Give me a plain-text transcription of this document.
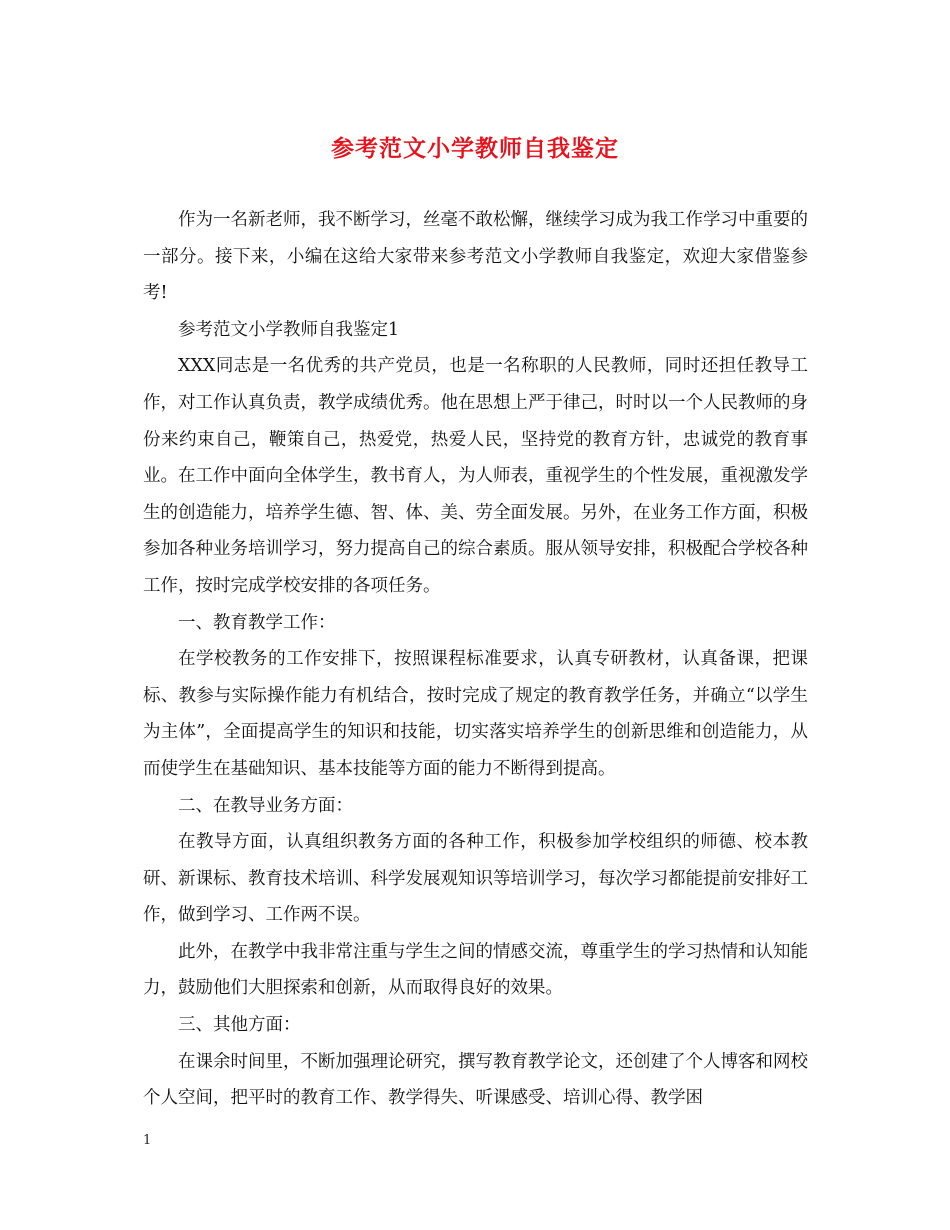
参考范文小学教师自我鉴定

作为一名新老师，我不断学习，丝毫不敢松懈，继续学习成为我工作学习中重要的一部分。接下来，小编在这给大家带来参考范文小学教师自我鉴定，欢迎大家借鉴参考!

参考范文小学教师自我鉴定1

XXX同志是一名优秀的共产党员，也是一名称职的人民教师，同时还担任教导工作，对工作认真负责，教学成绩优秀。他在思想上严于律己，时时以一个人民教师的身份来约束自己，鞭策自己，热爱党，热爱人民，坚持党的教育方针，忠诚党的教育事业。在工作中面向全体学生，教书育人，为人师表，重视学生的个性发展，重视激发学生的创造能力，培养学生德、智、体、美、劳全面发展。另外，在业务工作方面，积极参加各种业务培训学习，努力提高自己的综合素质。服从领导安排，积极配合学校各种工作，按时完成学校安排的各项任务。

一、教育教学工作：

在学校教务的工作安排下，按照课程标准要求，认真专研教材，认真备课，把课标、教参与实际操作能力有机结合，按时完成了规定的教育教学任务，并确立“以学生为主体”，全面提高学生的知识和技能，切实落实培养学生的创新思维和创造能力，从而使学生在基础知识、基本技能等方面的能力不断得到提高。

二、在教导业务方面：

在教导方面，认真组织教务方面的各种工作，积极参加学校组织的师德、校本教研、新课标、教育技术培训、科学发展观知识等培训学习，每次学习都能提前安排好工作，做到学习、工作两不误。

此外，在教学中我非常注重与学生之间的情感交流，尊重学生的学习热情和认知能力，鼓励他们大胆探索和创新，从而取得良好的效果。

三、其他方面：

在课余时间里，不断加强理论研究，撰写教育教学论文，还创建了个人博客和网校个人空间，把平时的教育工作、教学得失、听课感受、培训心得、教学困

1
